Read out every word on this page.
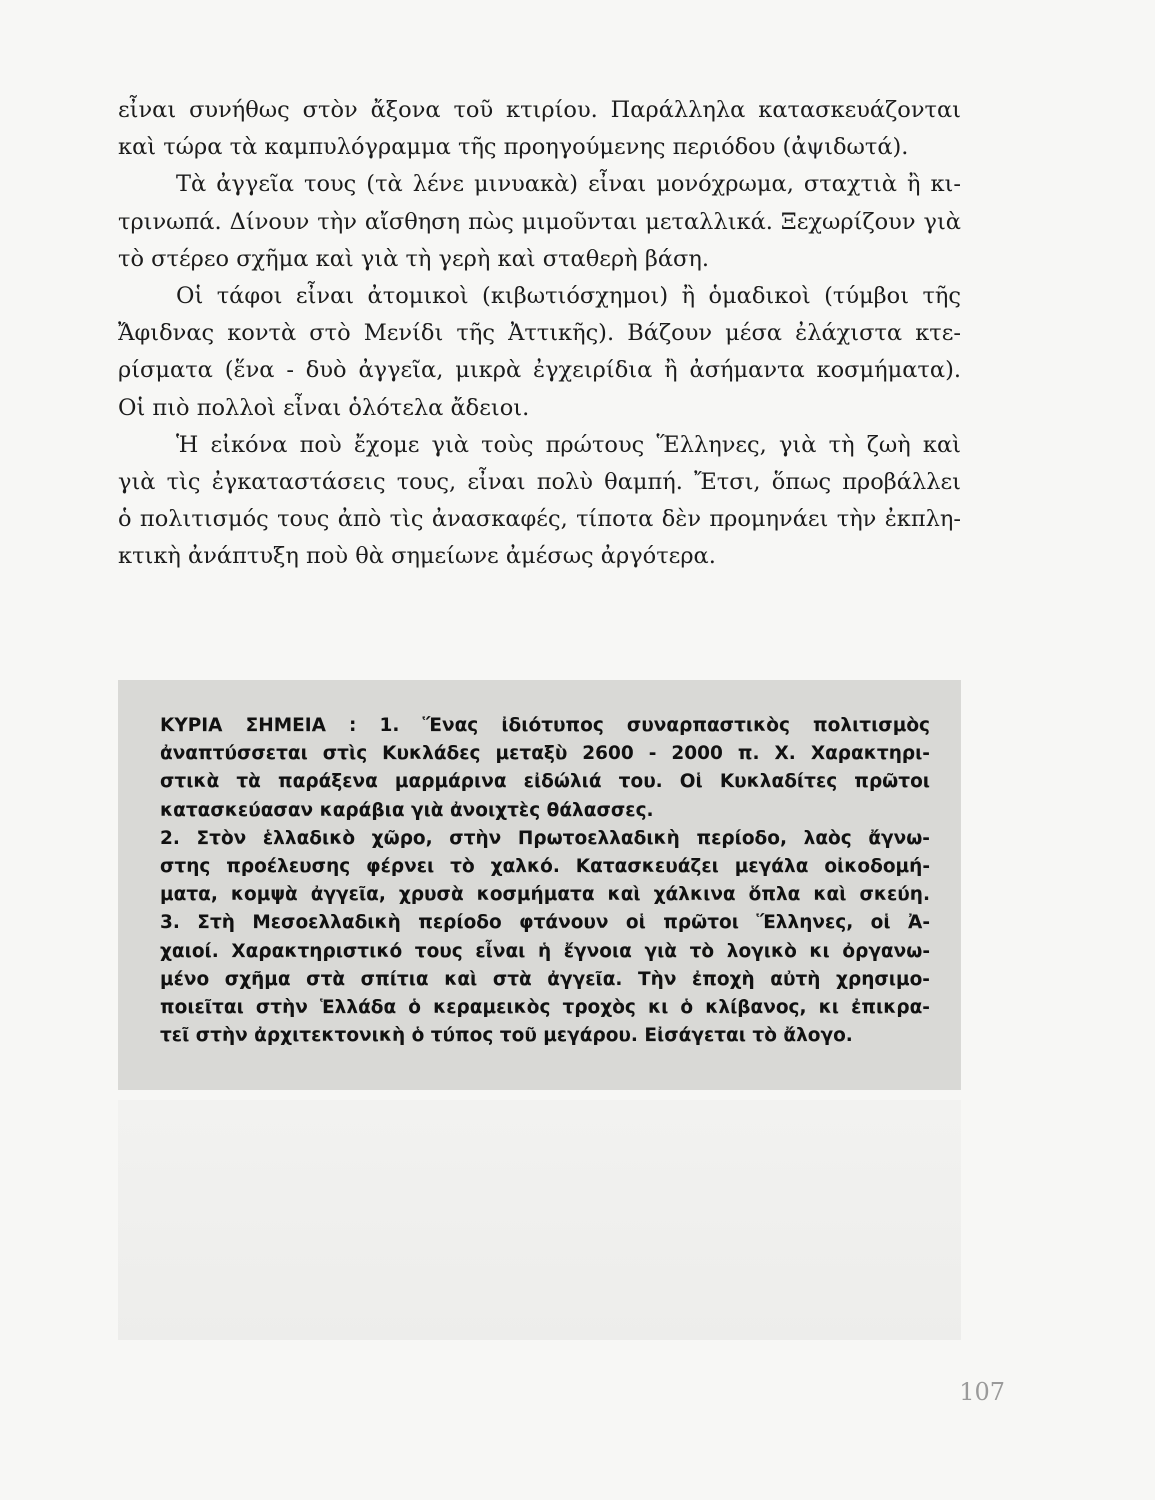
εἶναι συνήθως στὸν ἄξονα τοῦ κτιρίου. Παράλληλα κατασκευάζονται
καὶ τώρα τὰ καμπυλόγραμμα τῆς προηγούμενης περιόδου (ἀψιδωτά).
Τὰ ἀγγεῖα τους (τὰ λένε μινυακὰ) εἶναι μονόχρωμα, σταχτιὰ ἢ κι-
τρινωπά. Δίνουν τὴν αἴσθηση πὼς μιμοῦνται μεταλλικά. Ξεχωρίζουν γιὰ
τὸ στέρεο σχῆμα καὶ γιὰ τὴ γερὴ καὶ σταθερὴ βάση.
Οἱ τάφοι εἶναι ἀτομικοὶ (κιβωτιόσχημοι) ἢ ὁμαδικοὶ (τύμβοι τῆς
Ἄφιδνας κοντὰ στὸ Μενίδι τῆς Ἀττικῆς). Βάζουν μέσα ἐλάχιστα κτε-
ρίσματα (ἕνα - δυὸ ἀγγεῖα, μικρὰ ἐγχειρίδια ἢ ἀσήμαντα κοσμήματα).
Οἱ πιὸ πολλοὶ εἶναι ὁλότελα ἄδειοι.
Ἡ εἰκόνα ποὺ ἔχομε γιὰ τοὺς πρώτους Ἕλληνες, γιὰ τὴ ζωὴ καὶ
γιὰ τὶς ἐγκαταστάσεις τους, εἶναι πολὺ θαμπή. Ἔτσι, ὅπως προβάλλει
ὁ πολιτισμός τους ἀπὸ τὶς ἀνασκαφές, τίποτα δὲν προμηνάει τὴν ἐκπλη-
κτικὴ ἀνάπτυξη ποὺ θὰ σημείωνε ἀμέσως ἀργότερα.
ΚΥΡΙΑ ΣΗΜΕΙΑ : 1. Ἕνας ἰδιότυπος συναρπαστικὸς πολιτισμὸς
ἀναπτύσσεται στὶς Κυκλάδες μεταξὺ 2600 - 2000 π. Χ. Χαρακτηρι-
στικὰ τὰ παράξενα μαρμάρινα εἰδώλιά του. Οἱ Κυκλαδίτες πρῶτοι
κατασκεύασαν καράβια γιὰ ἀνοιχτὲς θάλασσες.
2. Στὸν ἑλλαδικὸ χῶρο, στὴν Πρωτοελλαδικὴ περίοδο, λαὸς ἄγνω-
στης προέλευσης φέρνει τὸ χαλκό. Κατασκευάζει μεγάλα οἰκοδομή-
ματα, κομψὰ ἀγγεῖα, χρυσὰ κοσμήματα καὶ χάλκινα ὅπλα καὶ σκεύη.
3. Στὴ Μεσοελλαδικὴ περίοδο φτάνουν οἱ πρῶτοι Ἕλληνες, οἱ Ἀ-
χαιοί. Χαρακτηριστικό τους εἶναι ἡ ἔγνοια γιὰ τὸ λογικὸ κι ὀργανω-
μένο σχῆμα στὰ σπίτια καὶ στὰ ἀγγεῖα. Τὴν ἐποχὴ αὐτὴ χρησιμο-
ποιεῖται στὴν Ἑλλάδα ὁ κεραμεικὸς τροχὸς κι ὁ κλίβανος, κι ἐπικρα-
τεῖ στὴν ἀρχιτεκτονικὴ ὁ τύπος τοῦ μεγάρου. Εἰσάγεται τὸ ἄλογο.
107
